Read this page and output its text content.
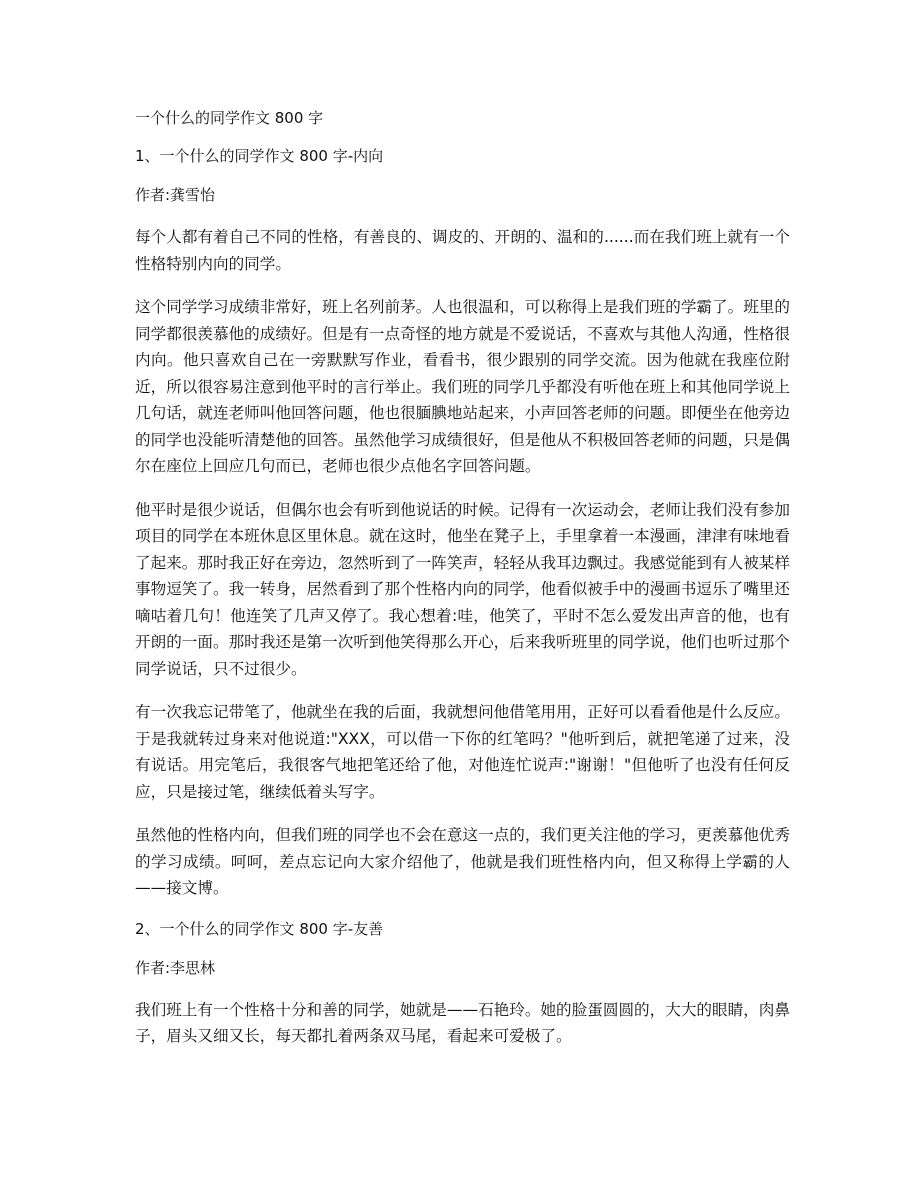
一个什么的同学作文 800 字

1、一个什么的同学作文 800 字-内向

作者:龚雪怡

每个人都有着自己不同的性格，有善良的、调皮的、开朗的、温和的......而在我们班上就有一个性格特别内向的同学。

这个同学学习成绩非常好，班上名列前茅。人也很温和，可以称得上是我们班的学霸了。班里的同学都很羡慕他的成绩好。但是有一点奇怪的地方就是不爱说话，不喜欢与其他人沟通，性格很内向。他只喜欢自己在一旁默默写作业，看看书，很少跟别的同学交流。因为他就在我座位附近，所以很容易注意到他平时的言行举止。我们班的同学几乎都没有听他在班上和其他同学说上几句话，就连老师叫他回答问题，他也很腼腆地站起来，小声回答老师的问题。即便坐在他旁边的同学也没能听清楚他的回答。虽然他学习成绩很好，但是他从不积极回答老师的问题，只是偶尔在座位上回应几句而已，老师也很少点他名字回答问题。

他平时是很少说话，但偶尔也会有听到他说话的时候。记得有一次运动会，老师让我们没有参加项目的同学在本班休息区里休息。就在这时，他坐在凳子上，手里拿着一本漫画，津津有味地看了起来。那时我正好在旁边，忽然听到了一阵笑声，轻轻从我耳边飘过。我感觉能到有人被某样事物逗笑了。我一转身，居然看到了那个性格内向的同学，他看似被手中的漫画书逗乐了嘴里还嘀咕着几句！他连笑了几声又停了。我心想着:哇，他笑了，平时不怎么爱发出声音的他，也有开朗的一面。那时我还是第一次听到他笑得那么开心，后来我听班里的同学说，他们也听过那个同学说话，只不过很少。

有一次我忘记带笔了，他就坐在我的后面，我就想问他借笔用用，正好可以看看他是什么反应。于是我就转过身来对他说道:"XXX，可以借一下你的红笔吗？"他听到后，就把笔递了过来，没有说话。用完笔后，我很客气地把笔还给了他，对他连忙说声:"谢谢！"但他听了也没有任何反应，只是接过笔，继续低着头写字。

虽然他的性格内向，但我们班的同学也不会在意这一点的，我们更关注他的学习，更羡慕他优秀的学习成绩。呵呵，差点忘记向大家介绍他了，他就是我们班性格内向，但又称得上学霸的人——接文博。

2、一个什么的同学作文 800 字-友善

作者:李思林

我们班上有一个性格十分和善的同学，她就是——石艳玲。她的脸蛋圆圆的，大大的眼睛，肉鼻子，眉头又细又长，每天都扎着两条双马尾，看起来可爱极了。
